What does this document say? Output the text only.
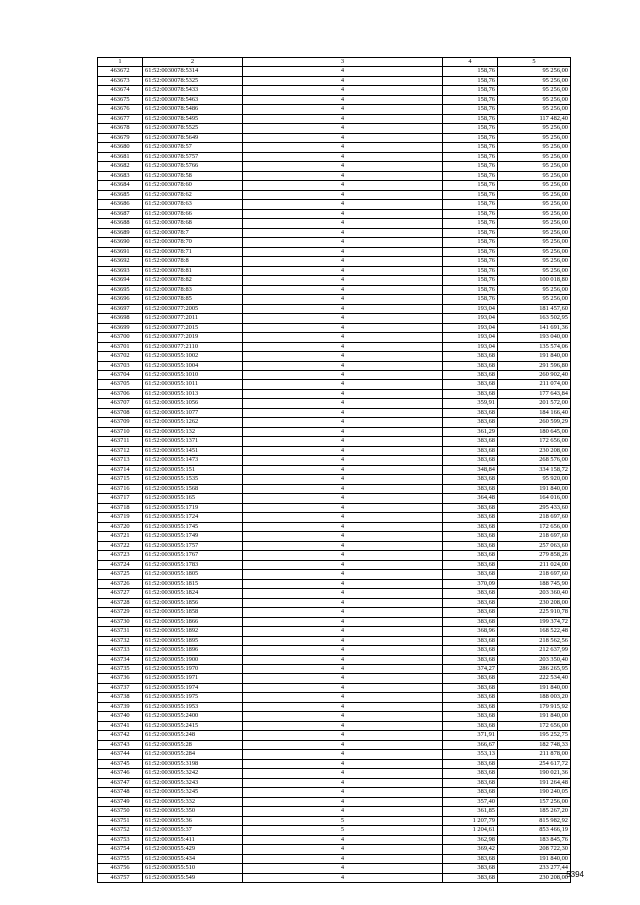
1	2	3	4	5
463672	61:52:0030078:5314	4	158,76	95 256,00
463673	61:52:0030078:5325	4	158,76	95 256,00
463674	61:52:0030078:5433	4	158,76	95 256,00
463675	61:52:0030078:5463	4	158,76	95 256,00
463676	61:52:0030078:5486	4	158,76	95 256,00
463677	61:52:0030078:5495	4	158,76	117 482,40
463678	61:52:0030078:5525	4	158,76	95 256,00
463679	61:52:0030078:5649	4	158,76	95 256,00
463680	61:52:0030078:57	4	158,76	95 256,00
463681	61:52:0030078:5757	4	158,76	95 256,00
463682	61:52:0030078:5766	4	158,76	95 256,00
463683	61:52:0030078:58	4	158,76	95 256,00
463684	61:52:0030078:60	4	158,76	95 256,00
463685	61:52:0030078:62	4	158,76	95 256,00
463686	61:52:0030078:63	4	158,76	95 256,00
463687	61:52:0030078:66	4	158,76	95 256,00
463688	61:52:0030078:68	4	158,76	95 256,00
463689	61:52:0030078:7	4	158,76	95 256,00
463690	61:52:0030078:70	4	158,76	95 256,00
463691	61:52:0030078:71	4	158,76	95 256,00
463692	61:52:0030078:8	4	158,76	95 256,00
463693	61:52:0030078:81	4	158,76	95 256,00
463694	61:52:0030078:82	4	158,76	100 018,80
463695	61:52:0030078:83	4	158,76	95 256,00
463696	61:52:0030078:85	4	158,76	95 256,00
463697	61:52:0030077:2005	4	193,04	181 457,60
463698	61:52:0030077:2011	4	193,04	163 502,95
463699	61:52:0030077:2015	4	193,04	141 691,36
463700	61:52:0030077:2019	4	193,04	193 040,00
463701	61:52:0030077:2110	4	193,04	135 574,06
463702	61:52:0030055:1002	4	383,68	191 840,00
463703	61:52:0030055:1004	4	383,68	291 596,80
463704	61:52:0030055:1010	4	383,68	260 902,40
463705	61:52:0030055:1011	4	383,68	211 074,00
463706	61:52:0030055:1013	4	383,68	177 643,84
463707	61:52:0030055:1056	4	359,91	201 572,00
463708	61:52:0030055:1077	4	383,68	184 166,40
463709	61:52:0030055:1262	4	383,68	260 599,29
463710	61:52:0030055:132	4	361,29	180 645,00
463711	61:52:0030055:1371	4	383,68	172 656,00
463712	61:52:0030055:1451	4	383,68	230 208,00
463713	61:52:0030055:1473	4	383,68	268 576,00
463714	61:52:0030055:151	4	348,84	334 158,72
463715	61:52:0030055:1535	4	383,68	95 920,00
463716	61:52:0030055:1568	4	383,68	191 840,00
463717	61:52:0030055:165	4	364,48	164 016,00
463718	61:52:0030055:1719	4	383,68	295 433,60
463719	61:52:0030055:1724	4	383,68	218 697,60
463720	61:52:0030055:1745	4	383,68	172 656,00
463721	61:52:0030055:1749	4	383,68	218 697,60
463722	61:52:0030055:1757	4	383,68	257 063,60
463723	61:52:0030055:1767	4	383,68	279 858,26
463724	61:52:0030055:1783	4	383,68	211 024,00
463725	61:52:0030055:1805	4	383,68	218 697,60
463726	61:52:0030055:1815	4	370,09	188 745,90
463727	61:52:0030055:1824	4	383,68	203 360,40
463728	61:52:0030055:1856	4	383,68	230 208,00
463729	61:52:0030055:1858	4	383,68	225 910,78
463730	61:52:0030055:1866	4	383,68	199 374,72
463731	61:52:0030055:1892	4	368,96	168 522,48
463732	61:52:0030055:1895	4	383,68	218 562,56
463733	61:52:0030055:1896	4	383,68	212 637,99
463734	61:52:0030055:1900	4	383,68	203 350,40
463735	61:52:0030055:1970	4	374,27	286 265,95
463736	61:52:0030055:1971	4	383,68	222 534,40
463737	61:52:0030055:1974	4	383,68	191 840,00
463738	61:52:0030055:1975	4	383,68	188 003,20
463739	61:52:0030055:1953	4	383,68	179 915,92
463740	61:52:0030055:2400	4	383,68	191 840,00
463741	61:52:0030055:2415	4	383,68	172 656,00
463742	61:52:0030055:248	4	371,91	195 252,75
463743	61:52:0030055:28	4	366,67	182 748,33
463744	61:52:0030055:284	4	353,13	211 878,00
463745	61:52:0030055:3198	4	383,68	254 617,72
463746	61:52:0030055:3242	4	383,68	190 021,36
463747	61:52:0030055:3243	4	383,68	191 264,48
463748	61:52:0030055:3245	4	383,68	190 240,05
463749	61:52:0030055:332	4	357,40	157 256,00
463750	61:52:0030055:350	4	361,85	185 267,20
463751	61:52:0030055:36	5	1 207,79	815 982,92
463752	61:52:0030055:37	5	1 204,61	853 466,19
463753	61:52:0030055:411	4	362,98	183 845,76
463754	61:52:0030055:429	4	369,42	208 722,30
463755	61:52:0030055:434	4	383,68	191 840,00
463756	61:52:0030055:510	4	383,68	233 277,44
463757	61:52:0030055:549	4	383,68	230 208,00
5394
